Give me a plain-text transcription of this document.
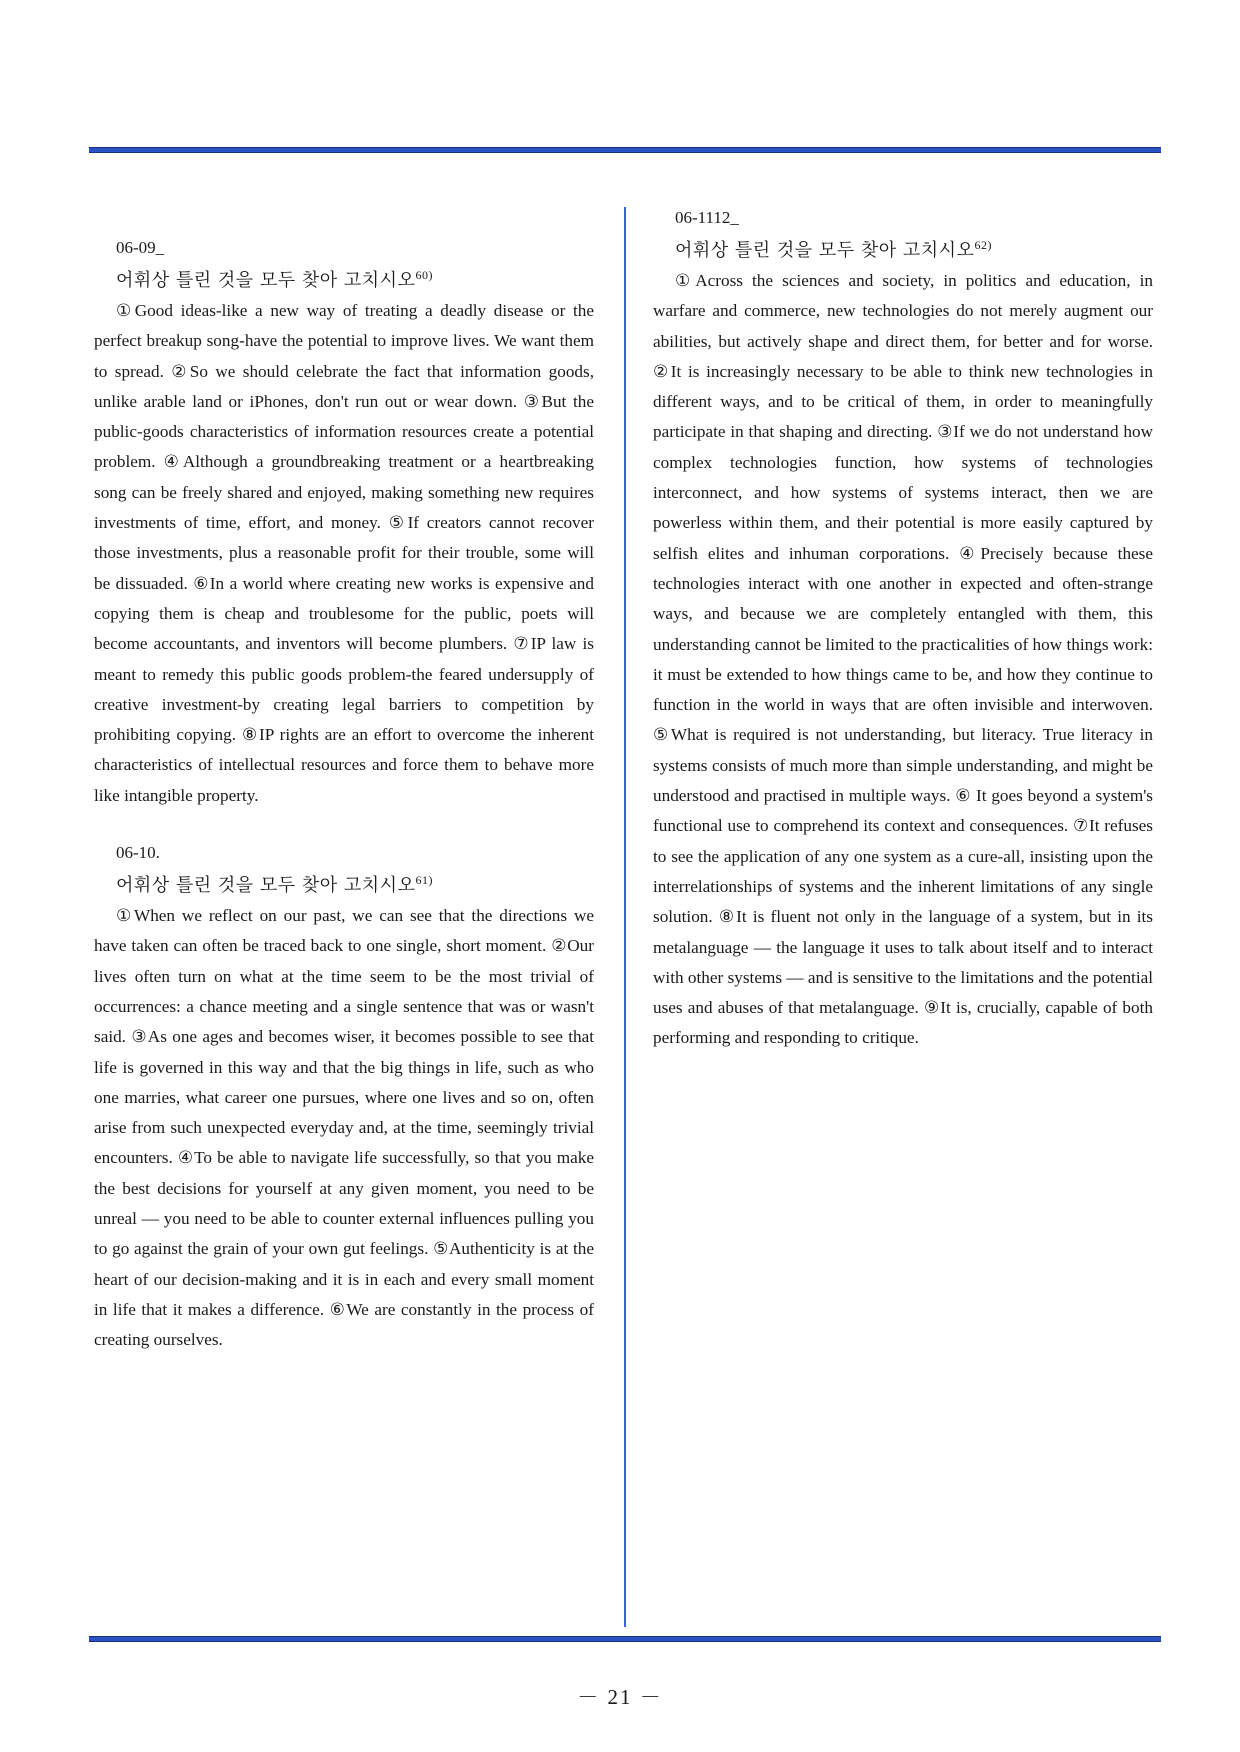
06-09_
어휘상 틀린 것을 모두 찾아 고치시오$^{60)}$

①Good ideas-like a new way of treating a deadly disease or the perfect breakup song-have the potential to improve lives. We want them to spread. ②So we should celebrate the fact that information goods, unlike arable land or iPhones, don't run out or wear down. ③But the public-goods characteristics of information resources create a potential problem. ④Although a groundbreaking treatment or a heartbreaking song can be freely shared and enjoyed, making something new requires investments of time, effort, and money. ⑤If creators cannot recover those investments, plus a reasonable profit for their trouble, some will be dissuaded. ⑥In a world where creating new works is expensive and copying them is cheap and troublesome for the public, poets will become accountants, and inventors will become plumbers. ⑦IP law is meant to remedy this public goods problem-the feared undersupply of creative investment-by creating legal barriers to competition by prohibiting copying. ⑧IP rights are an effort to overcome the inherent characteristics of intellectual resources and force them to behave more like intangible property.

06-10.
어휘상 틀린 것을 모두 찾아 고치시오$^{61)}$

①When we reflect on our past, we can see that the directions we have taken can often be traced back to one single, short moment. ②Our lives often turn on what at the time seem to be the most trivial of occurrences: a chance meeting and a single sentence that was or wasn't said. ③As one ages and becomes wiser, it becomes possible to see that life is governed in this way and that the big things in life, such as who one marries, what career one pursues, where one lives and so on, often arise from such unexpected everyday and, at the time, seemingly trivial encounters. ④To be able to navigate life successfully, so that you make the best decisions for yourself at any given moment, you need to be unreal — you need to be able to counter external influences pulling you to go against the grain of your own gut feelings. ⑤Authenticity is at the heart of our decision-making and it is in each and every small moment in life that it makes a difference. ⑥We are constantly in the process of creating ourselves.

06-1112_
어휘상 틀린 것을 모두 찾아 고치시오$^{62)}$

①Across the sciences and society, in politics and education, in warfare and commerce, new technologies do not merely augment our abilities, but actively shape and direct them, for better and for worse. ②It is increasingly necessary to be able to think new technologies in different ways, and to be critical of them, in order to meaningfully participate in that shaping and directing. ③If we do not understand how complex technologies function, how systems of technologies interconnect, and how systems of systems interact, then we are powerless within them, and their potential is more easily captured by selfish elites and inhuman corporations. ④Precisely because these technologies interact with one another in expected and often-strange ways, and because we are completely entangled with them, this understanding cannot be limited to the practicalities of how things work: it must be extended to how things came to be, and how they continue to function in the world in ways that are often invisible and interwoven. ⑤What is required is not understanding, but literacy. True literacy in systems consists of much more than simple understanding, and might be understood and practised in multiple ways. ⑥ It goes beyond a system's functional use to comprehend its context and consequences. ⑦It refuses to see the application of any one system as a cure-all, insisting upon the interrelationships of systems and the inherent limitations of any single solution. ⑧It is fluent not only in the language of a system, but in its metalanguage — the language it uses to talk about itself and to interact with other systems — and is sensitive to the limitations and the potential uses and abuses of that metalanguage. ⑨It is, crucially, capable of both performing and responding to critique.

－ 21 －
